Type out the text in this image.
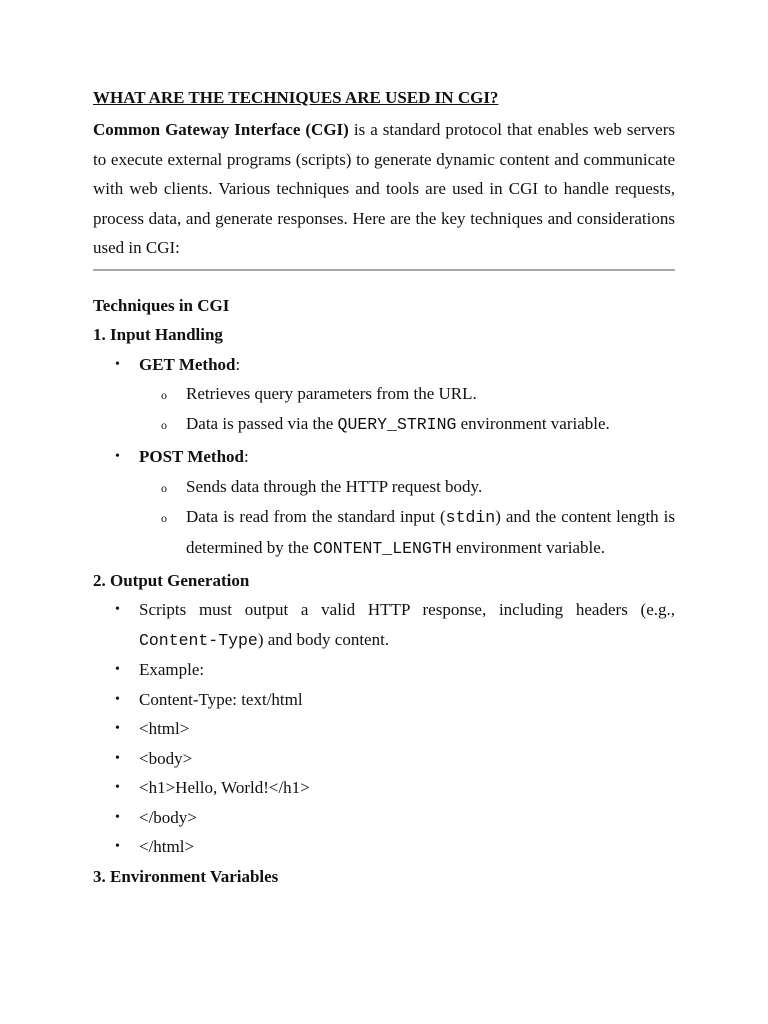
WHAT ARE THE TECHNIQUES ARE USED IN CGI?

Common Gateway Interface (CGI) is a standard protocol that enables web servers to execute external programs (scripts) to generate dynamic content and communicate with web clients. Various techniques and tools are used in CGI to handle requests, process data, and generate responses. Here are the key techniques and considerations used in CGI:

Techniques in CGI
1. Input Handling
• GET Method:
o Retrieves query parameters from the URL.
o Data is passed via the QUERY_STRING environment variable.
• POST Method:
o Sends data through the HTTP request body.
o Data is read from the standard input (stdin) and the content length is determined by the CONTENT_LENGTH environment variable.
2. Output Generation
• Scripts must output a valid HTTP response, including headers (e.g., Content-Type) and body content.
• Example:
• Content-Type: text/html
• <html>
• <body>
• <h1>Hello, World!</h1>
• </body>
• </html>
3. Environment Variables
